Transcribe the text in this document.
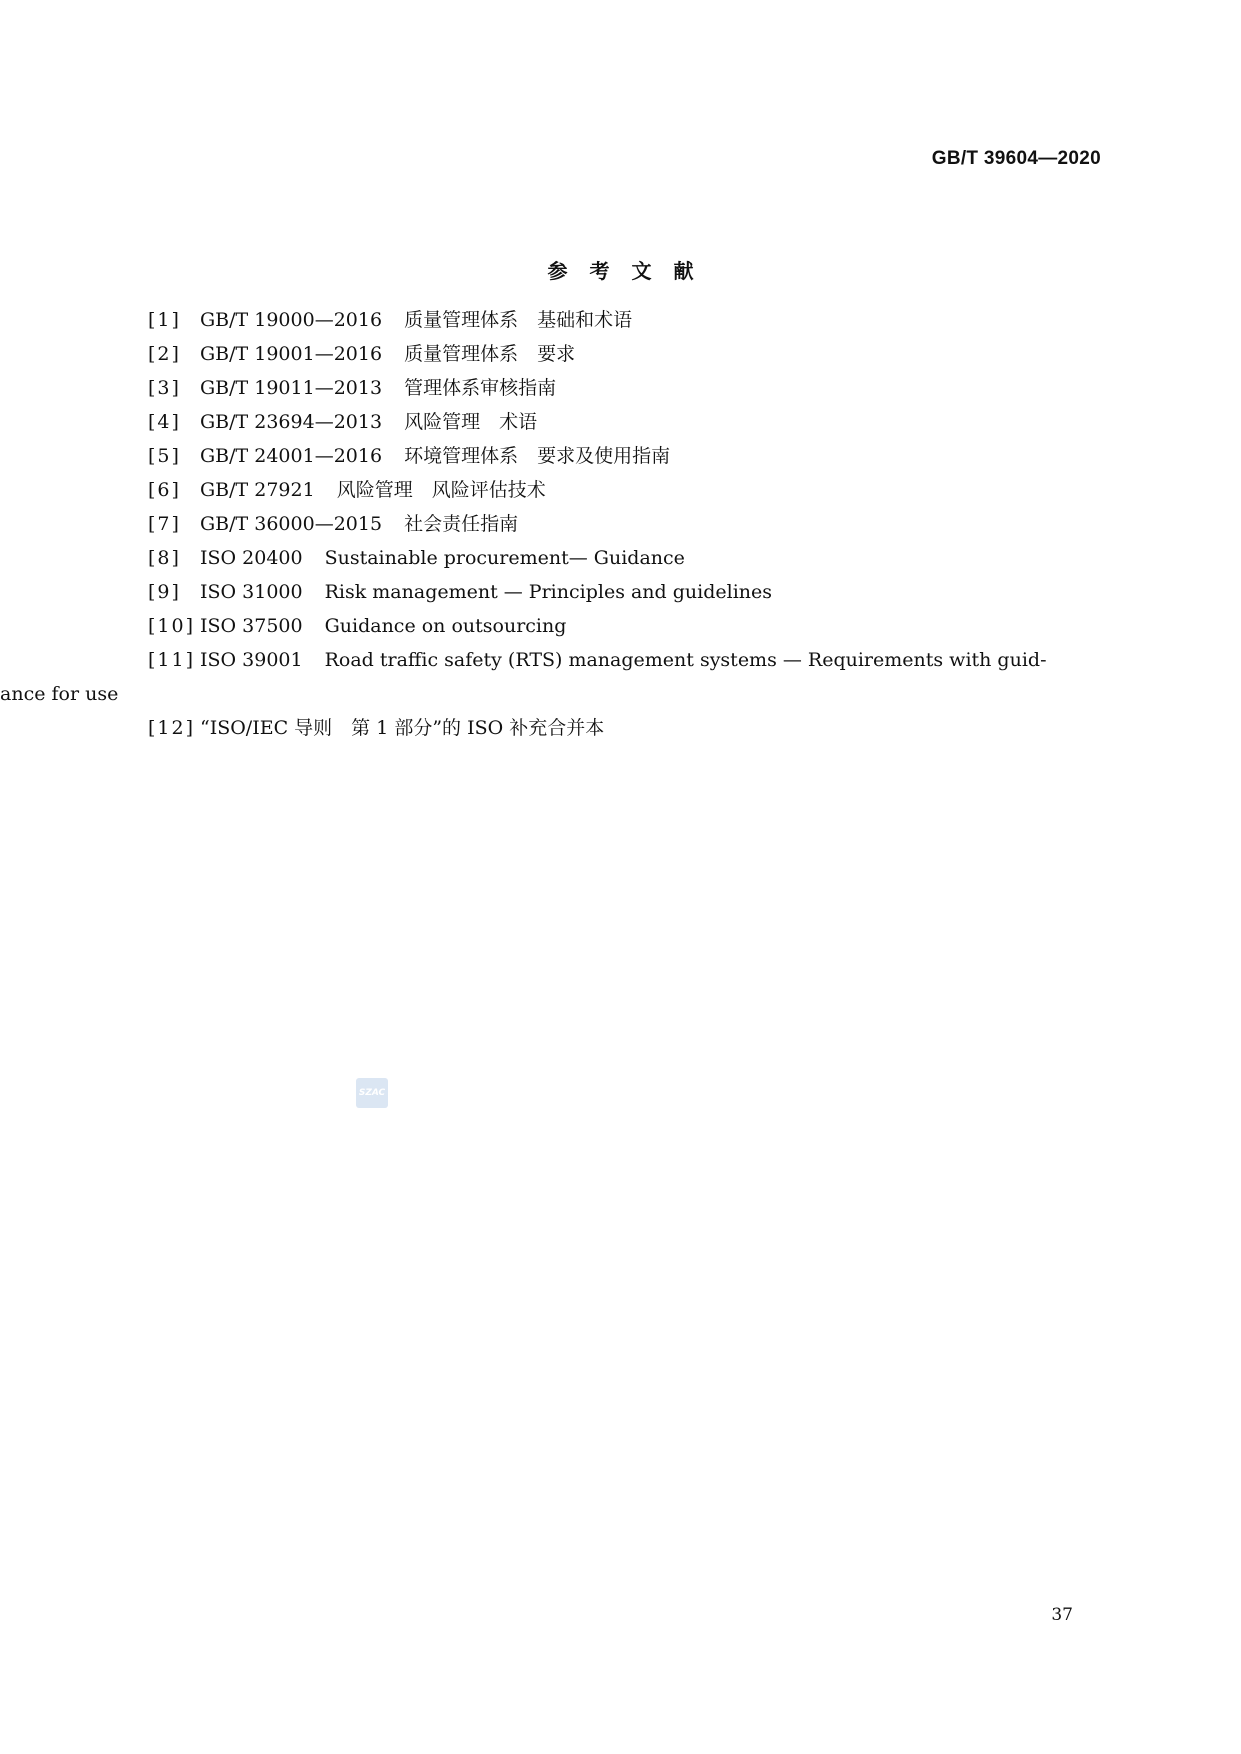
GB/T 39604—2020
参考文献
[1] GB/T 19000—2016 质量管理体系　基础和术语
[2] GB/T 19001—2016 质量管理体系　要求
[3] GB/T 19011—2013 管理体系审核指南
[4] GB/T 23694—2013 风险管理　术语
[5] GB/T 24001—2016 环境管理体系　要求及使用指南
[6] GB/T 27921 风险管理　风险评估技术
[7] GB/T 36000—2015 社会责任指南
[8] ISO 20400 Sustainable procurement— Guidance
[9] ISO 31000 Risk management — Principles and guidelines
[10] ISO 37500 Guidance on outsourcing
[11] ISO 39001 Road traffic safety (RTS) management systems — Requirements with guid-
ance for use
[12] “ISO/IEC 导则　第 1 部分”的 ISO 补充合并本
SZAC
37
